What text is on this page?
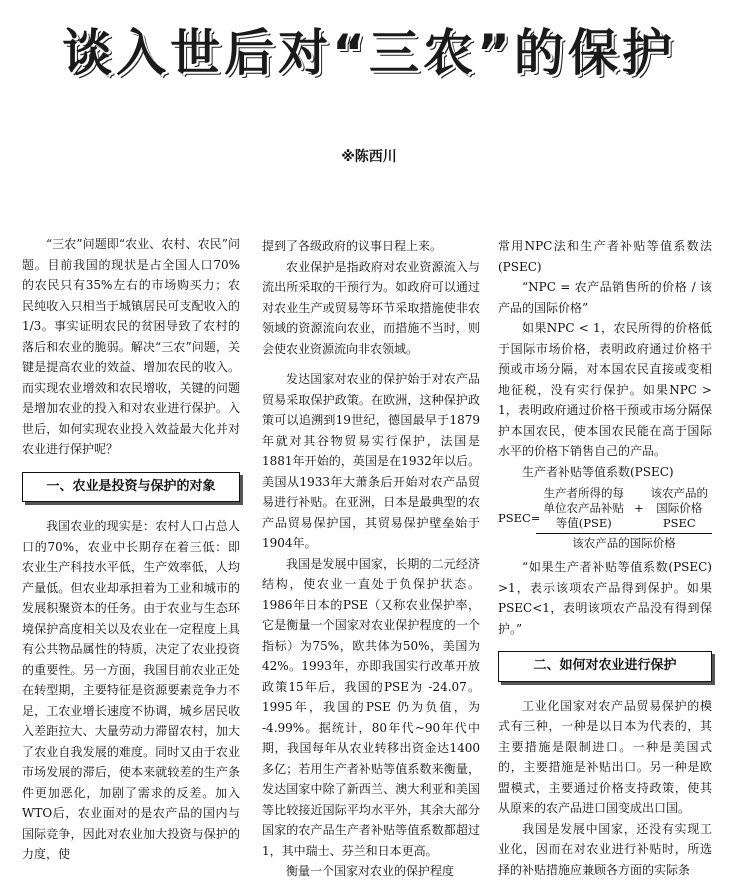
谈入世后对“三农”的保护
※陈西川

“三农”问题即“农业、农村、农民”问题。目前我国的现状是占全国人口70%的农民只有35%左右的市场购买力；农民纯收入只相当于城镇居民可支配收入的1/3。事实证明农民的贫困导致了农村的落后和农业的脆弱。解决“三农”问题，关键是提高农业的效益、增加农民的收入。而实现农业增效和农民增收，关键的问题是增加农业的投入和对农业进行保护。入世后，如何实现农业投入效益最大化并对农业进行保护呢？

一、农业是投资与保护的对象

我国农业的现实是：农村人口占总人口的70%，农业中长期存在着三低：即农业生产科技水平低，生产效率低，人均产量低。但农业却承担着为工业和城市的发展积聚资本的任务。由于农业与生态环境保护高度相关以及农业在一定程度上具有公共物品属性的特质，决定了农业投资的重要性。另一方面，我国目前农业正处在转型期，主要特征是资源要素竞争力不足，工农业增长速度不协调，城乡居民收入差距拉大、大量劳动力滞留农村，加大了农业自我发展的难度。同时又由于农业市场发展的滞后，使本来就较差的生产条件更加恶化，加剧了需求的反差。加入WTO后，农业面对的是农产品的国内与国际竞争，因此对农业加大投资与保护的力度，使

提到了各级政府的议事日程上来。

农业保护是指政府对农业资源流入与流出所采取的干预行为。如政府可以通过对农业生产或贸易等环节采取措施使非农领域的资源流向农业，而措施不当时，则会使农业资源流向非农领域。

发达国家对农业的保护始于对农产品贸易采取保护政策。在欧洲，这种保护政策可以追溯到19世纪，德国最早于1879年就对其谷物贸易实行保护，法国是1881年开始的，英国是在1932年以后。美国从1933年大萧条后开始对农产品贸易进行补贴。在亚洲，日本是最典型的农产品贸易保护国，其贸易保护壁垒始于1904年。

我国是发展中国家，长期的二元经济结构，使农业一直处于负保护状态。1986年日本的PSE（又称农业保护率，它是衡量一个国家对农业保护程度的一个指标）为75%，欧共体为50%，美国为42%。1993年，亦即我国实行改革开放政策15年后，我国的PSE为 -24.07。1995年，我国的PSE 仍为负值，为 -4.99%。据统计，80年代~90年代中期，我国每年从农业转移出资金达1400多亿；若用生产者补贴等值系数来衡量，发达国家中除了新西兰、澳大利亚和美国等比较接近国际平均水平外，其余大部分国家的农产品生产者补贴等值系数都超过1，其中瑞士、芬兰和日本更高。

衡量一个国家对农业的保护程度

常用NPC法和生产者补贴等值系数法(PSEC)

“NPC = 农产品销售所的价格 / 该产品的国际价格”

如果NPC < 1，农民所得的价格低于国际市场价格，表明政府通过价格干预或市场分隔，对本国农民直接或变相地征税，没有实行保护。如果NPC > 1，表明政府通过价格干预或市场分隔保护本国农民，使本国农民能在高于国际水平的价格下销售自己的产品。

生产者补贴等值系数(PSEC)

PSEC=
生产者所得的每单位农产品补贴等值(PSE)
+
该农产品的国际价格PSEC
该农产品的国际价格

“如果生产者补贴等值系数(PSEC) >1，表示该项农产品得到保护。如果PSEC<1，表明该项农产品没有得到保护。”

二、如何对农业进行保护

工业化国家对农产品贸易保护的模式有三种，一种是以日本为代表的，其主要措施是限制进口。一种是美国式的，主要措施是补贴出口。另一种是欧盟模式，主要通过价格支持政策，使其从原来的农产品进口国变成出口国。

我国是发展中国家，还没有实现工业化，因而在对农业进行补贴时，所选择的补贴措施应兼顾各方面的实际条
